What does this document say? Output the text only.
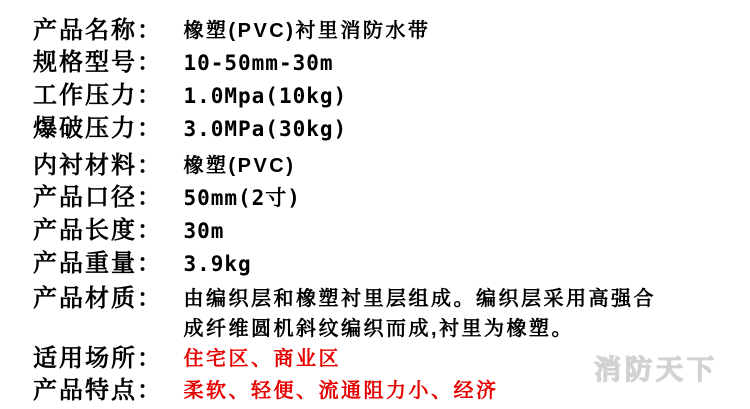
产品名称： 橡塑(PVC)衬里消防水带
规格型号： 10-50mm-30m
工作压力： 1.0Mpa(10kg)
爆破压力： 3.0MPa(30kg)
内衬材料： 橡塑(PVC)
产品口径： 50mm(2寸)
产品长度： 30m
产品重量： 3.9kg
产品材质： 由编织层和橡塑衬里层组成。编织层采用高强合
成纤维圆机斜纹编织而成,衬里为橡塑。
适用场所： 住宅区、商业区
产品特点： 柔软、轻便、流通阻力小、经济
消防天下
